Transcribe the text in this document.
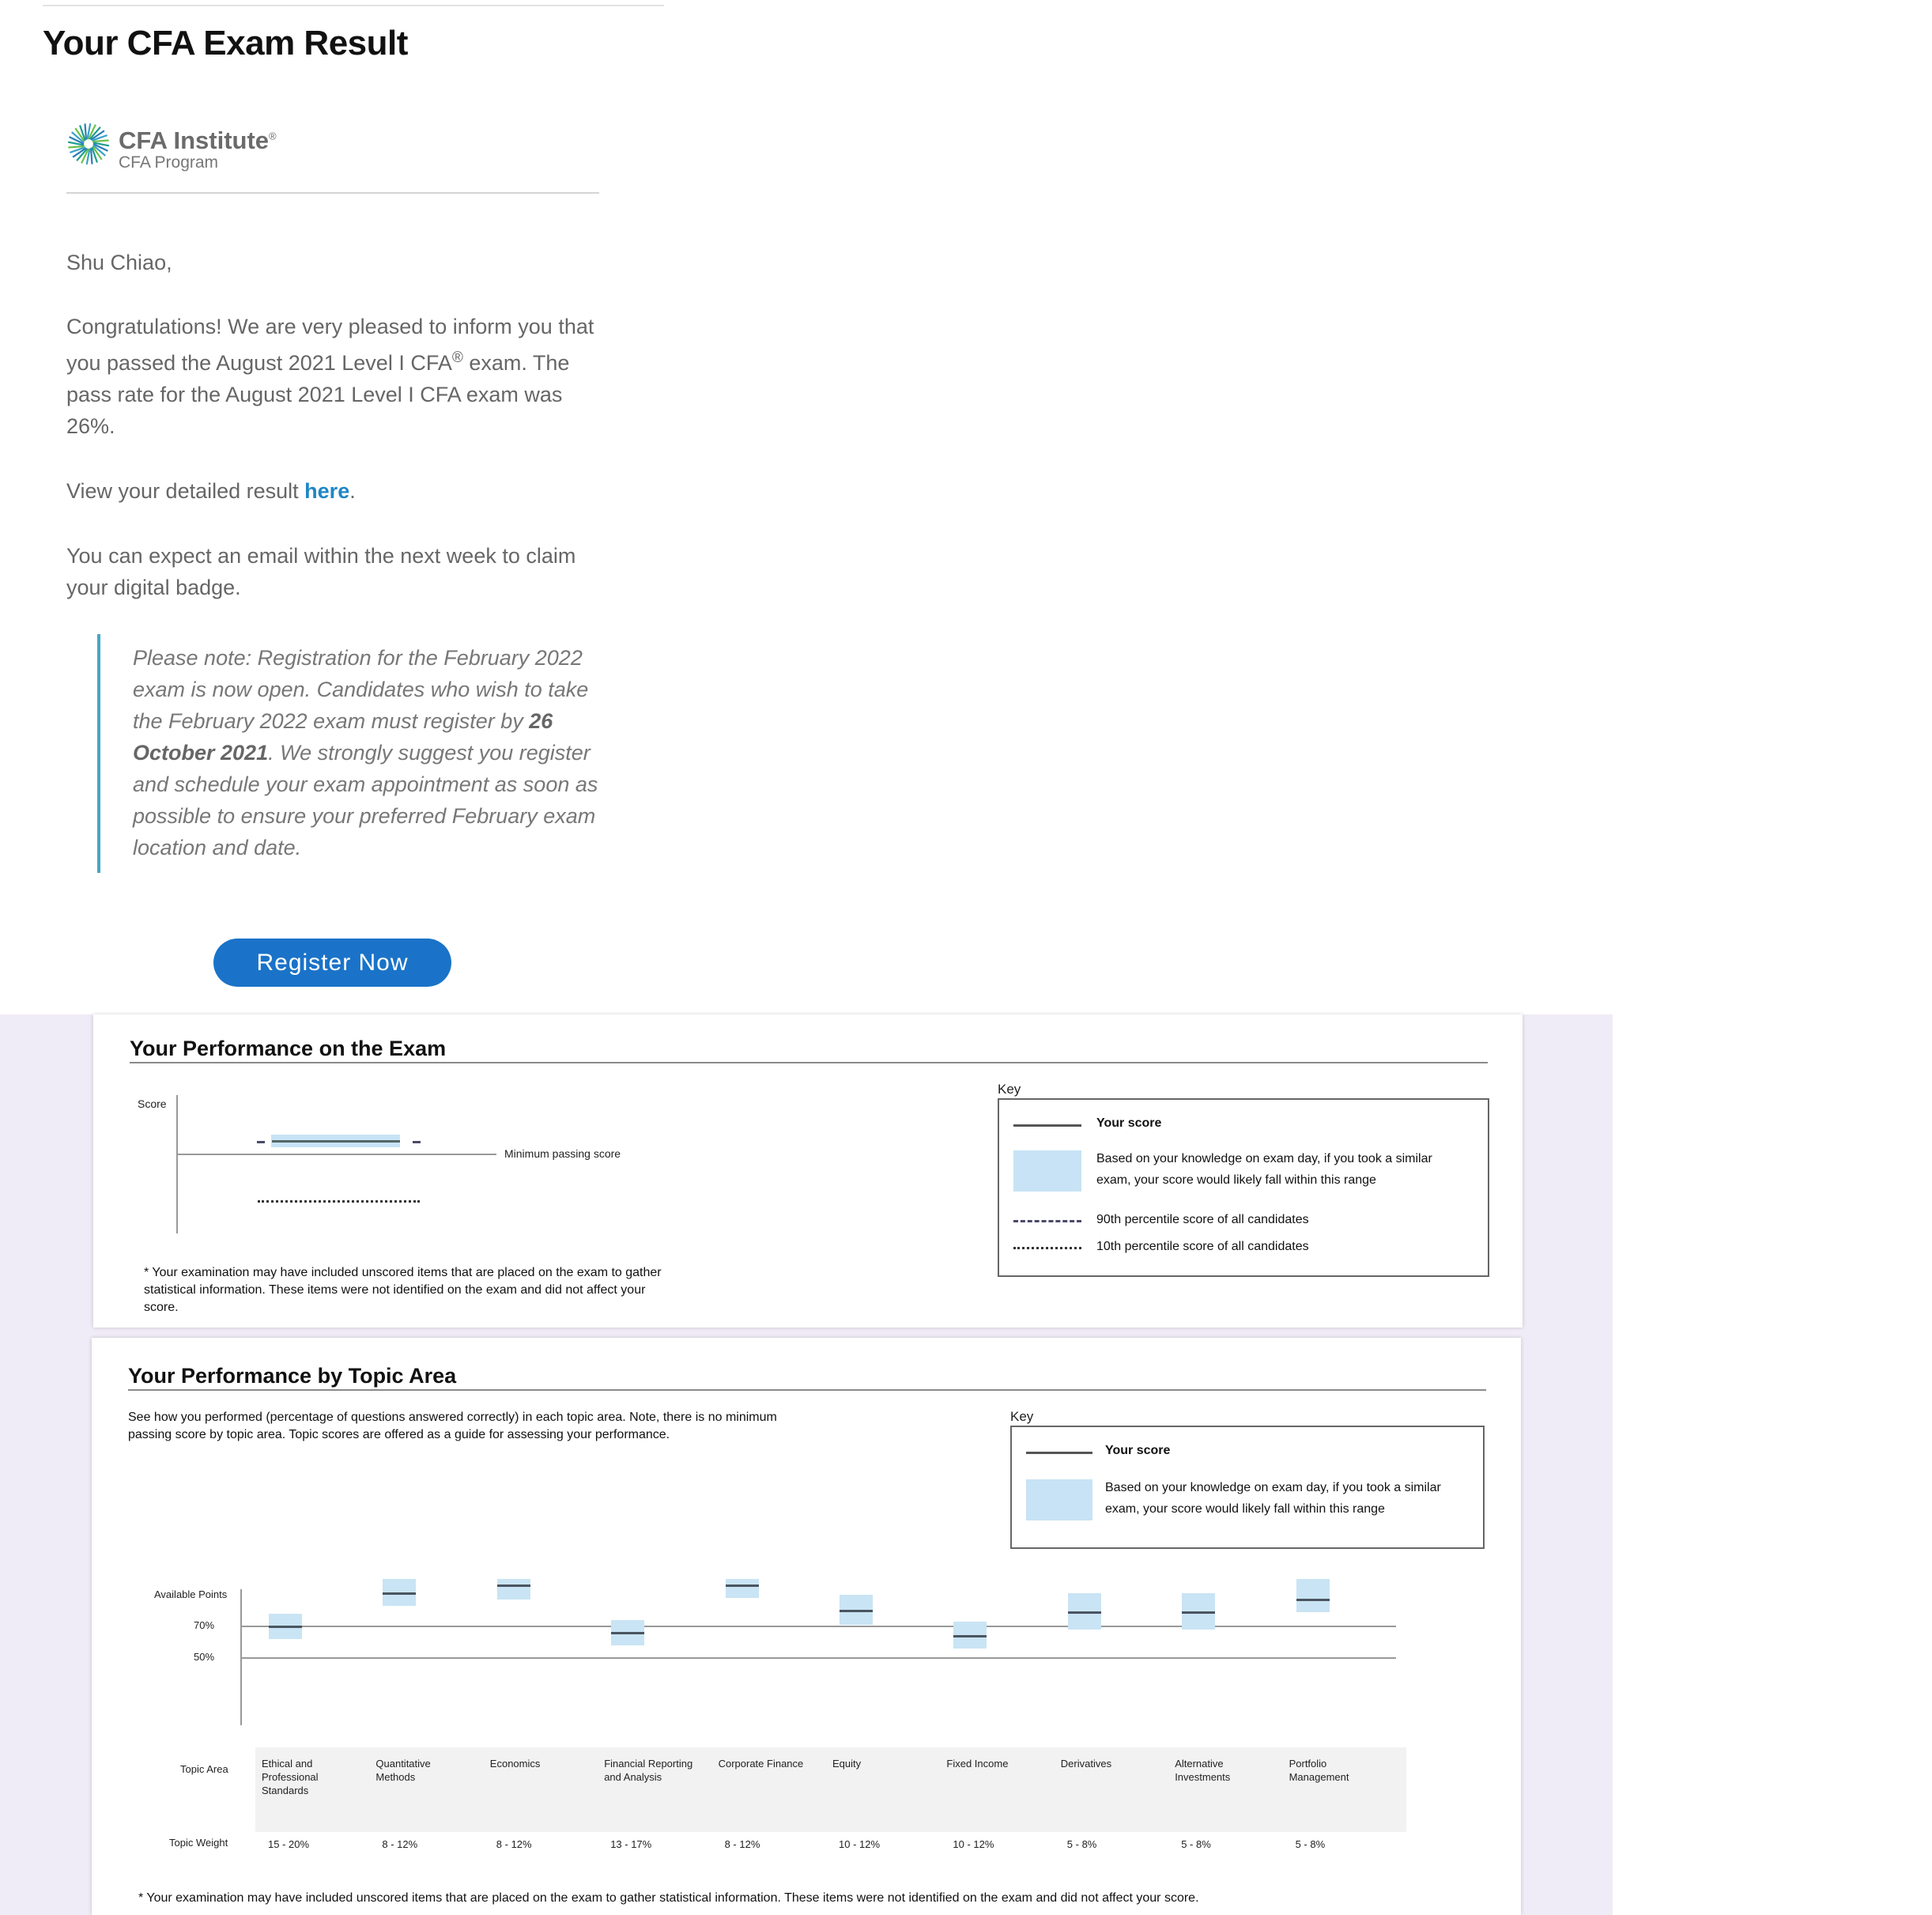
Your CFA Exam Result
CFA Institute®
CFA Program

Shu Chiao,

Congratulations! We are very pleased to inform you that you passed the August 2021 Level I CFA® exam. The pass rate for the August 2021 Level I CFA exam was 26%.

View your detailed result here.

You can expect an email within the next week to claim your digital badge.

Please note: Registration for the February 2022 exam is now open. Candidates who wish to take the February 2022 exam must register by 26 October 2021. We strongly suggest you register and schedule your exam appointment as soon as possible to ensure your preferred February exam location and date.

Register Now
Your Performance on the Exam
Score
Minimum passing score

* Your examination may have included unscored items that are placed on the exam to gather statistical information. These items were not identified on the exam and did not affect your score.

Key
Your score
Based on your knowledge on exam day, if you took a similar exam, your score would likely fall within this range
90th percentile score of all candidates
10th percentile score of all candidates
Your Performance by Topic Area

See how you performed (percentage of questions answered correctly) in each topic area. Note, there is no minimum passing score by topic area. Topic scores are offered as a guide for assessing your performance.

Key
Your score
Based on your knowledge on exam day, if you took a similar exam, your score would likely fall within this range
Available Points
70%
50%
Topic Area
Topic Weight
Ethical and Professional Standards
15 - 20%
Quantitative Methods
8 - 12%
Economics
8 - 12%
Financial Reporting and Analysis
13 - 17%
Corporate Finance
8 - 12%
Equity
10 - 12%
Fixed Income
10 - 12%
Derivatives
5 - 8%
Alternative Investments
5 - 8%
Portfolio Management
5 - 8%

* Your examination may have included unscored items that are placed on the exam to gather statistical information. These items were not identified on the exam and did not affect your score.
